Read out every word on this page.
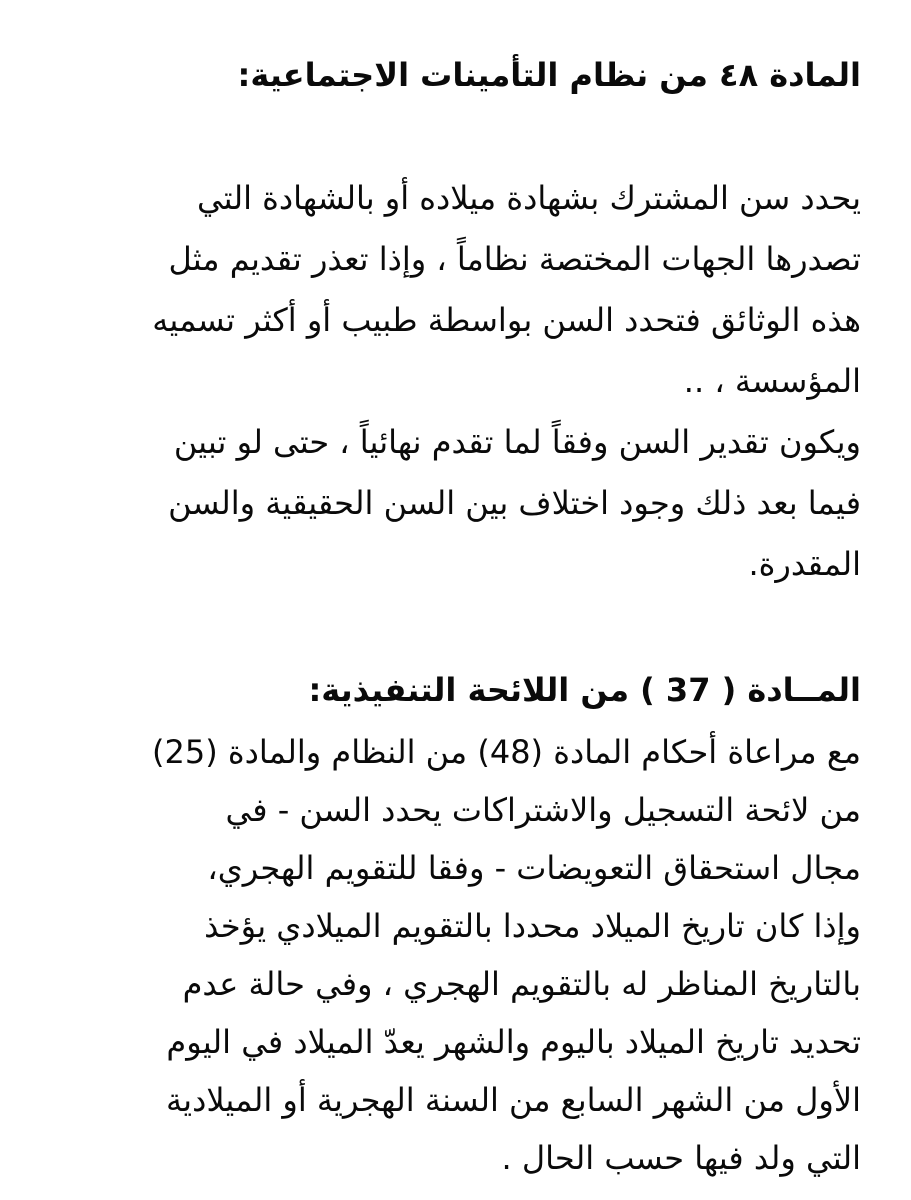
المادة ٤٨ من نظام التأمينات الاجتماعية:

يحدد سن المشترك بشهادة ميلاده أو بالشهادة التي

تصدرها الجهات المختصة نظاماً ، وإذا تعذر تقديم مثل

هذه الوثائق فتحدد السن بواسطة طبيب أو أكثر تسميه

المؤسسة ، ..

ويكون تقدير السن وفقاً لما تقدم نهائياً ، حتى لو تبين

فيما بعد ذلك وجود اختلاف بين السن الحقيقية والسن

المقدرة.

المــادة ( 37 ) من اللائحة التنفيذية:

مع مراعاة أحكام المادة (48) من النظام والمادة (25)

من لائحة التسجيل والاشتراكات يحدد السن - في

مجال استحقاق التعويضات - وفقا للتقويم الهجري،

وإذا كان تاريخ الميلاد محددا بالتقويم الميلادي يؤخذ

بالتاريخ المناظر له بالتقويم الهجري ، وفي حالة عدم

تحديد تاريخ الميلاد باليوم والشهر يعدّ الميلاد في اليوم

الأول من الشهر السابع من السنة الهجرية أو الميلادية

التي ولد فيها حسب الحال .
